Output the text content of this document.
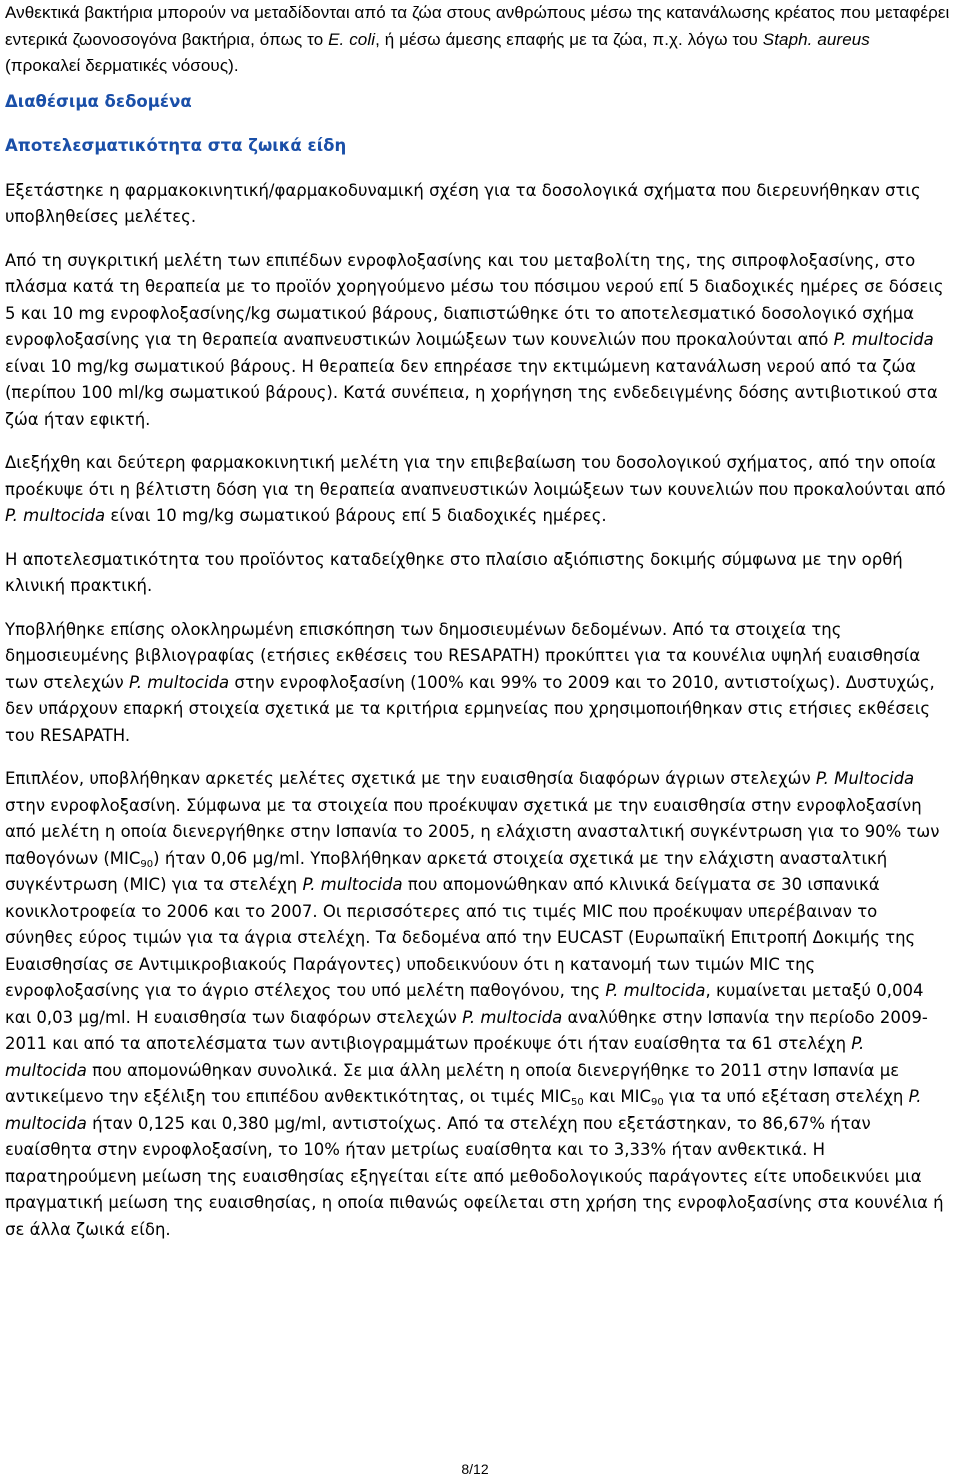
Ανθεκτικά βακτήρια μπορούν να μεταδίδονται από τα ζώα στους ανθρώπους μέσω της κατανάλωσης κρέατος που μεταφέρει εντερικά ζωονοσογόνα βακτήρια, όπως το E. coli, ή μέσω άμεσης επαφής με τα ζώα, π.χ. λόγω του Staph. aureus (προκαλεί δερματικές νόσους).

Διαθέσιμα δεδομένα

Αποτελεσματικότητα στα ζωικά είδη

Εξετάστηκε η φαρμακοκινητική/φαρμακοδυναμική σχέση για τα δοσολογικά σχήματα που διερευνήθηκαν στις υποβληθείσες μελέτες.

Από τη συγκριτική μελέτη των επιπέδων ενροφλοξασίνης και του μεταβολίτη της, της σιπροφλοξασίνης, στο πλάσμα κατά τη θεραπεία με το προϊόν χορηγούμενο μέσω του πόσιμου νερού επί 5 διαδοχικές ημέρες σε δόσεις 5 και 10 mg ενροφλοξασίνης/kg σωματικού βάρους, διαπιστώθηκε ότι το αποτελεσματικό δοσολογικό σχήμα ενροφλοξασίνης για τη θεραπεία αναπνευστικών λοιμώξεων των κουνελιών που προκαλούνται από P. multocida είναι 10 mg/kg σωματικού βάρους. Η θεραπεία δεν επηρέασε την εκτιμώμενη κατανάλωση νερού από τα ζώα (περίπου 100 ml/kg σωματικού βάρους). Κατά συνέπεια, η χορήγηση της ενδεδειγμένης δόσης αντιβιοτικού στα ζώα ήταν εφικτή.

Διεξήχθη και δεύτερη φαρμακοκινητική μελέτη για την επιβεβαίωση του δοσολογικού σχήματος, από την οποία προέκυψε ότι η βέλτιστη δόση για τη θεραπεία αναπνευστικών λοιμώξεων των κουνελιών που προκαλούνται από P. multocida είναι 10 mg/kg σωματικού βάρους επί 5 διαδοχικές ημέρες.

Η αποτελεσματικότητα του προϊόντος καταδείχθηκε στο πλαίσιο αξιόπιστης δοκιμής σύμφωνα με την ορθή κλινική πρακτική.

Υποβλήθηκε επίσης ολοκληρωμένη επισκόπηση των δημοσιευμένων δεδομένων. Από τα στοιχεία της δημοσιευμένης βιβλιογραφίας (ετήσιες εκθέσεις του RESAPATH) προκύπτει για τα κουνέλια υψηλή ευαισθησία των στελεχών P. multocida στην ενροφλοξασίνη (100% και 99% το 2009 και το 2010, αντιστοίχως). Δυστυχώς, δεν υπάρχουν επαρκή στοιχεία σχετικά με τα κριτήρια ερμηνείας που χρησιμοποιήθηκαν στις ετήσιες εκθέσεις του RESAPATH.

Επιπλέον, υποβλήθηκαν αρκετές μελέτες σχετικά με την ευαισθησία διαφόρων άγριων στελεχών P. Multocida στην ενροφλοξασίνη. Σύμφωνα με τα στοιχεία που προέκυψαν σχετικά με την ευαισθησία στην ενροφλοξασίνη από μελέτη η οποία διενεργήθηκε στην Ισπανία το 2005, η ελάχιστη ανασταλτική συγκέντρωση για το 90% των παθογόνων $(MIC_{90})$ ήταν 0,06 μg/ml. Υποβλήθηκαν αρκετά στοιχεία σχετικά με την ελάχιστη ανασταλτική συγκέντρωση (MIC) για τα στελέχη P. multocida που απομονώθηκαν από κλινικά δείγματα σε 30 ισπανικά κονικλοτροφεία το 2006 και το 2007. Οι περισσότερες από τις τιμές MIC που προέκυψαν υπερέβαιναν το σύνηθες εύρος τιμών για τα άγρια στελέχη. Τα δεδομένα από την EUCAST (Ευρωπαϊκή Επιτροπή Δοκιμής της Ευαισθησίας σε Αντιμικροβιακούς Παράγοντες) υποδεικνύουν ότι η κατανομή των τιμών MIC της ενροφλοξασίνης για το άγριο στέλεχος του υπό μελέτη παθογόνου, της P. multocida, κυμαίνεται μεταξύ 0,004 και 0,03 μg/ml. Η ευαισθησία των διαφόρων στελεχών P. multocida αναλύθηκε στην Ισπανία την περίοδο 2009-2011 και από τα αποτελέσματα των αντιβιογραμμάτων προέκυψε ότι ήταν ευαίσθητα τα 61 στελέχη P. multocida που απομονώθηκαν συνολικά. Σε μια άλλη μελέτη η οποία διενεργήθηκε το 2011 στην Ισπανία με αντικείμενο την εξέλιξη του επιπέδου ανθεκτικότητας, οι τιμές $MIC_{50}$ και $MIC_{90}$ για τα υπό εξέταση στελέχη P. multocida ήταν 0,125 και 0,380 μg/ml, αντιστοίχως. Από τα στελέχη που εξετάστηκαν, το 86,67% ήταν ευαίσθητα στην ενροφλοξασίνη, το 10% ήταν μετρίως ευαίσθητα και το 3,33% ήταν ανθεκτικά. Η παρατηρούμενη μείωση της ευαισθησίας εξηγείται είτε από μεθοδολογικούς παράγοντες είτε υποδεικνύει μια πραγματική μείωση της ευαισθησίας, η οποία πιθανώς οφείλεται στη χρήση της ενροφλοξασίνης στα κουνέλια ή σε άλλα ζωικά είδη.

8/12
